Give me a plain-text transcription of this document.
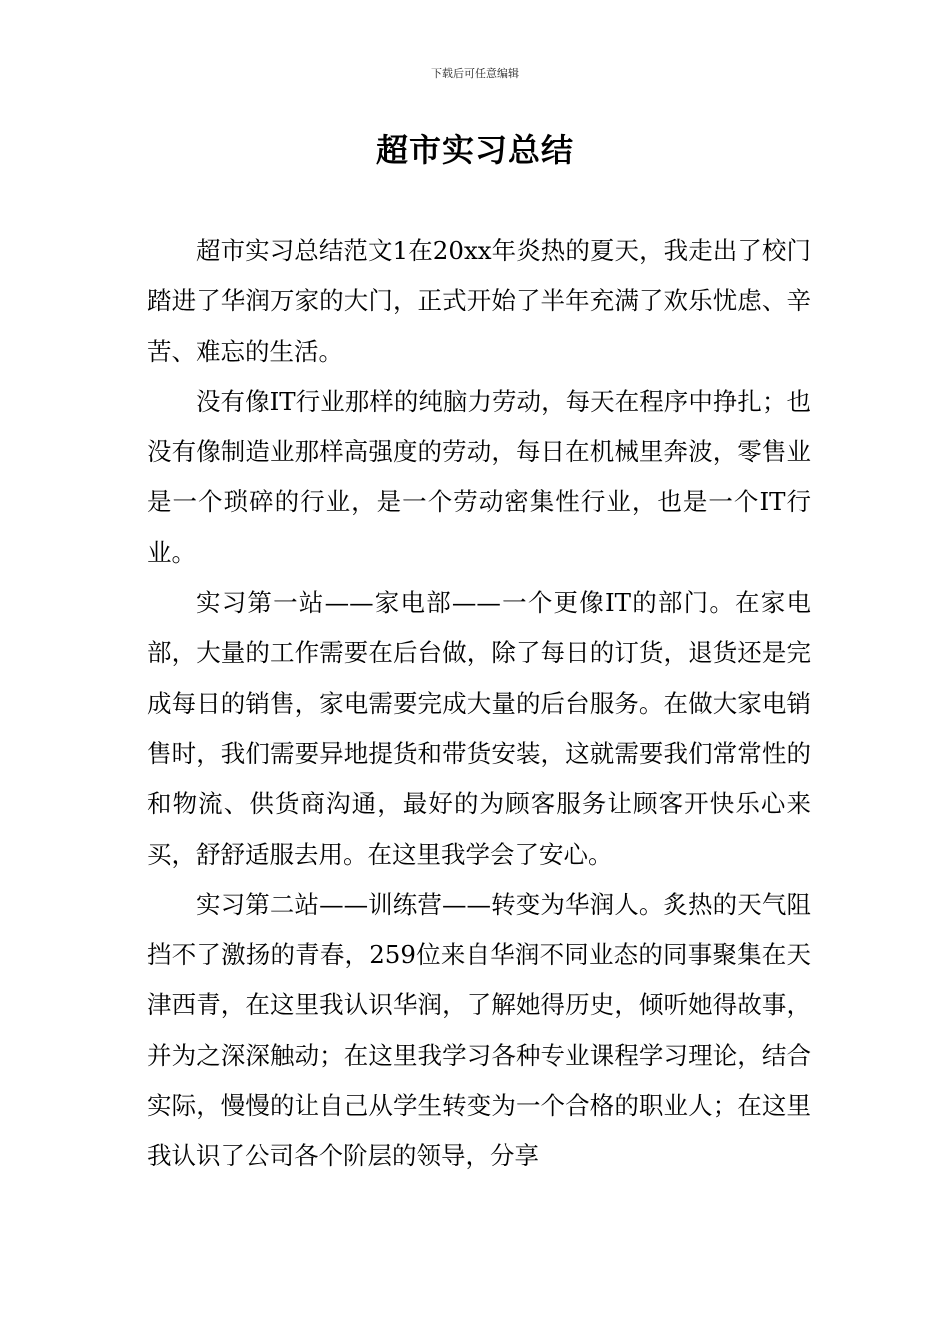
下载后可任意编辑
超市实习总结

超市实习总结范文1在20xx年炎热的夏天，我走出了校门踏进了华润万家的大门，正式开始了半年充满了欢乐忧虑、辛苦、难忘的生活。

没有像IT行业那样的纯脑力劳动，每天在程序中挣扎；也没有像制造业那样高强度的劳动，每日在机械里奔波，零售业是一个琐碎的行业，是一个劳动密集性行业，也是一个IT行业。

实习第一站——家电部——一个更像IT的部门。在家电部，大量的工作需要在后台做，除了每日的订货，退货还是完成每日的销售，家电需要完成大量的后台服务。在做大家电销售时，我们需要异地提货和带货安装，这就需要我们常常性的和物流、供货商沟通，最好的为顾客服务让顾客开快乐心来买，舒舒适服去用。在这里我学会了安心。

实习第二站——训练营——转变为华润人。炙热的天气阻挡不了激扬的青春，259位来自华润不同业态的同事聚集在天津西青，在这里我认识华润，了解她得历史，倾听她得故事，并为之深深触动；在这里我学习各种专业课程学习理论，结合实际，慢慢的让自己从学生转变为一个合格的职业人；在这里我认识了公司各个阶层的领导，分享
